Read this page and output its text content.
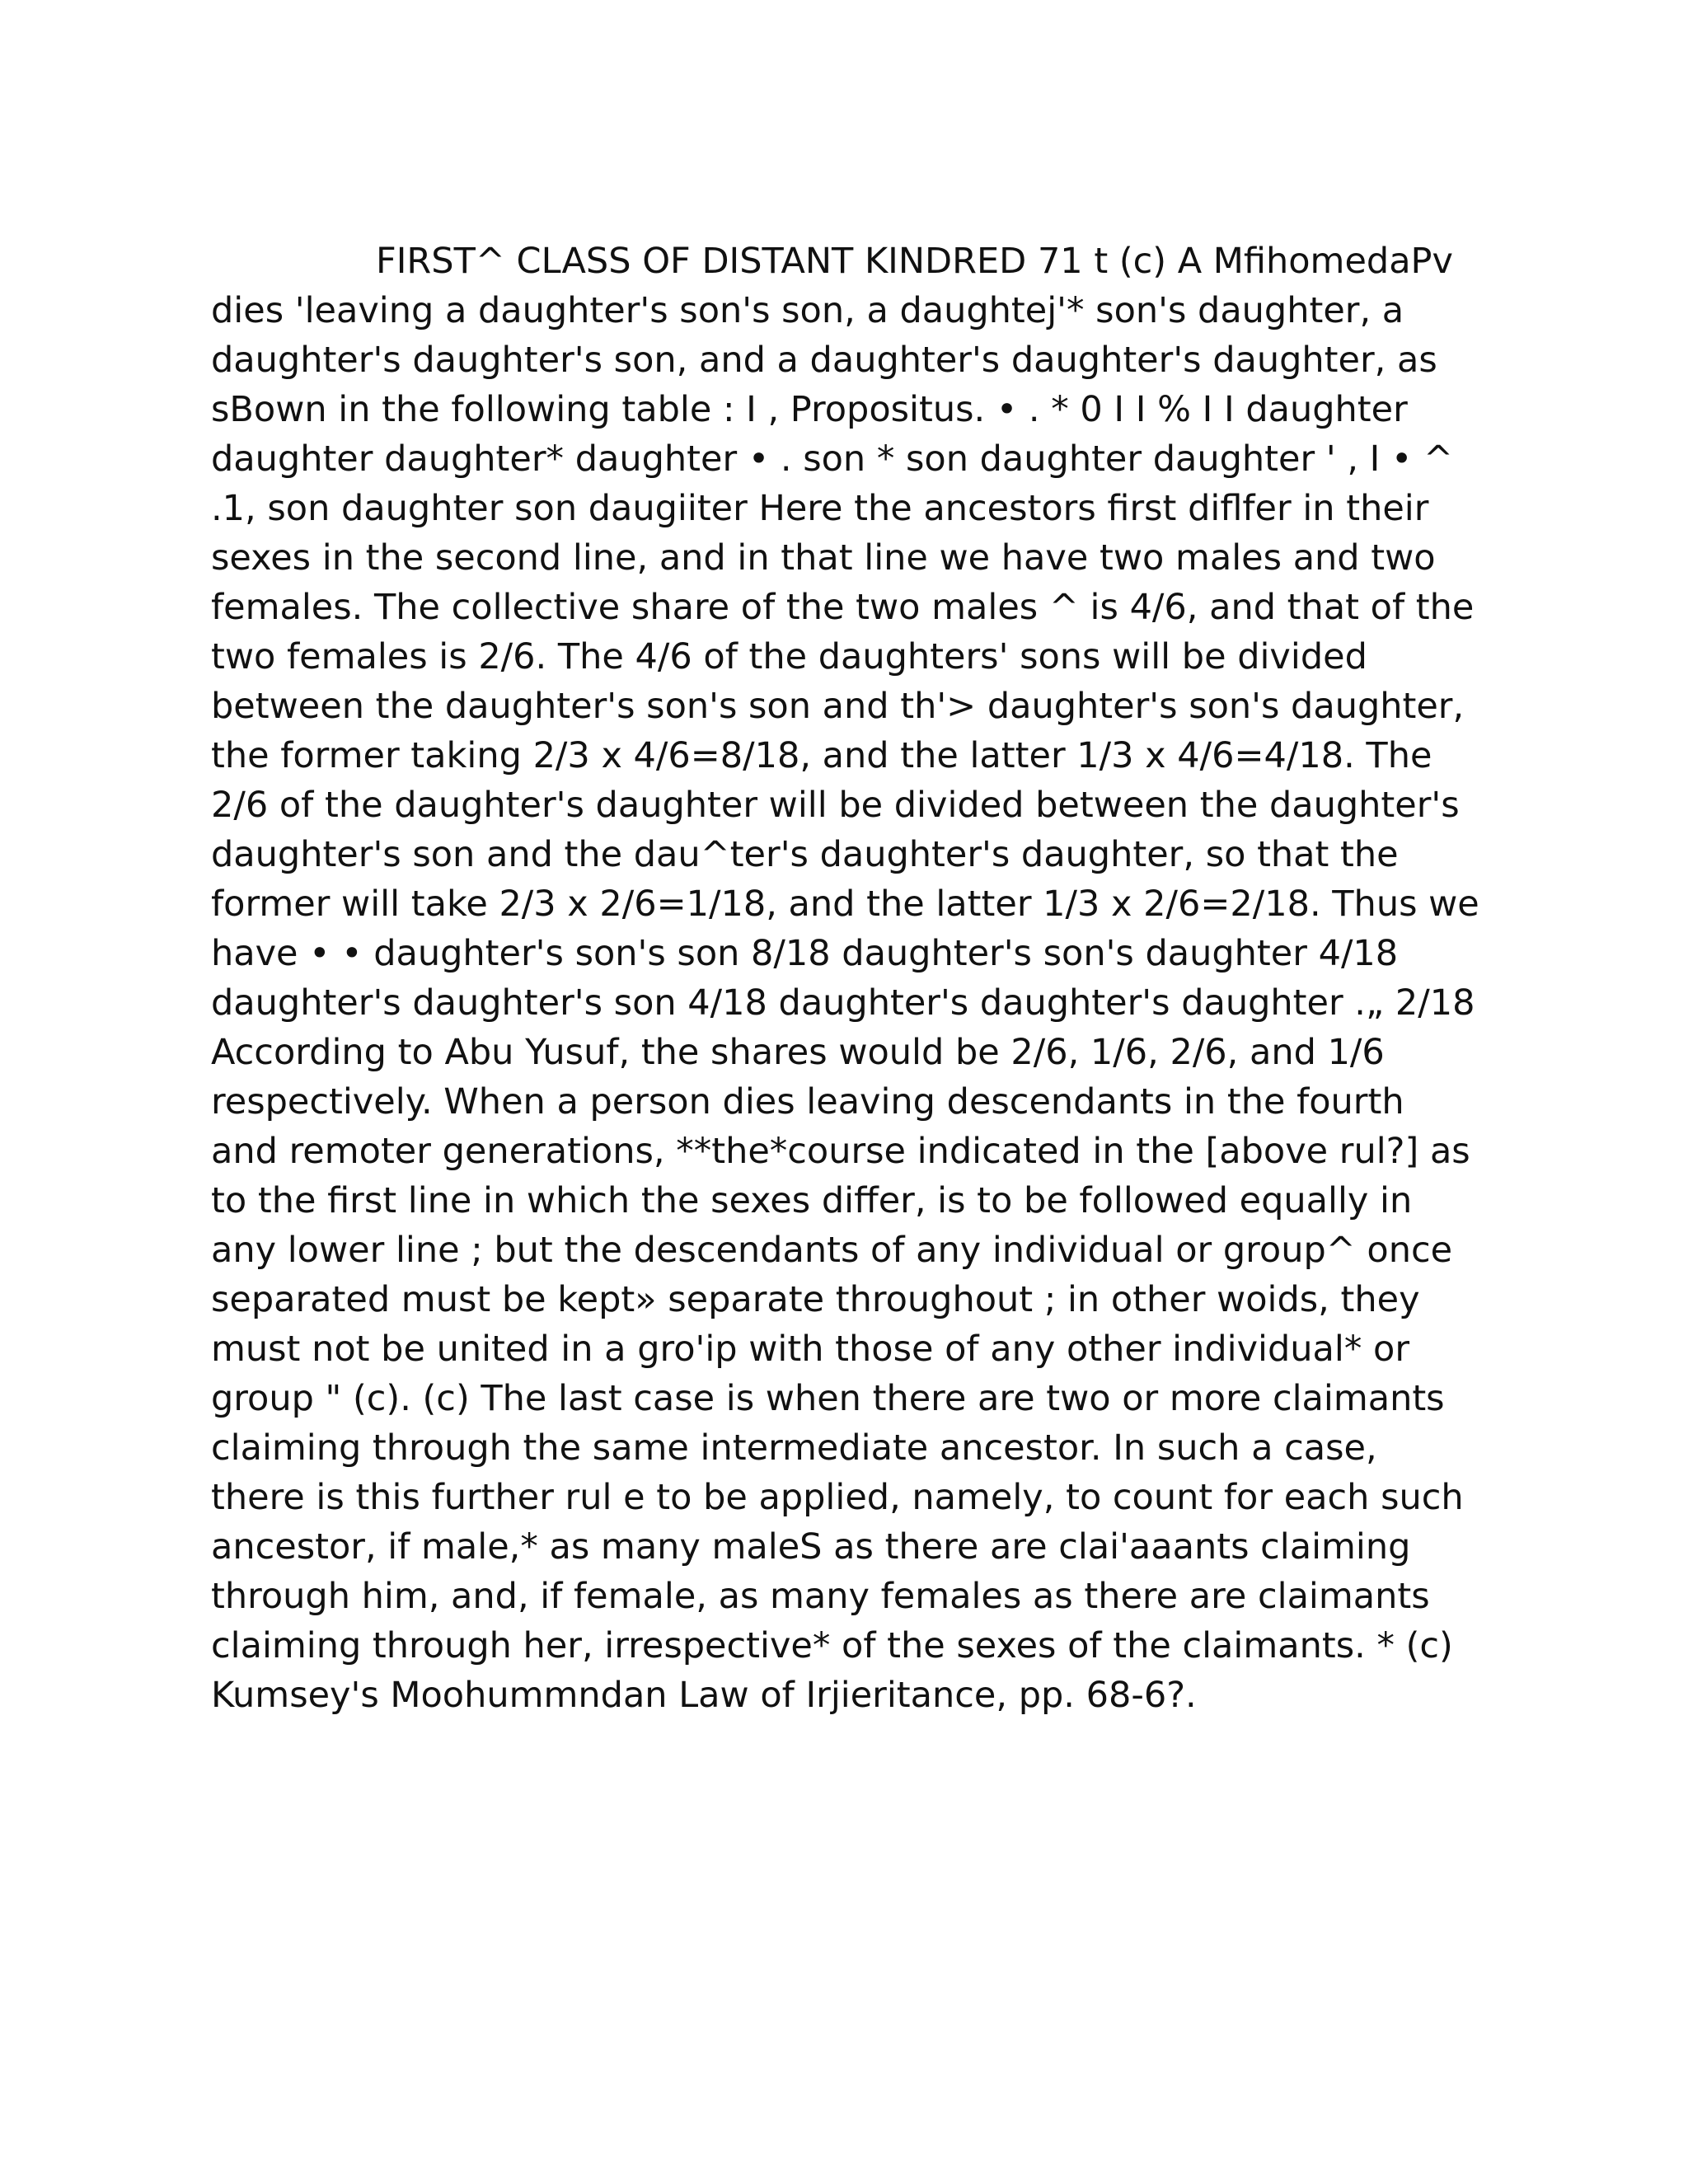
FIRST^ CLASS OF DISTANT KINDRED 71 t (c) A MfihomedaPv dies 'leaving a daughter's son's son, a daughtej'* son's daughter, a daughter's daughter's son, and a daughter's daughter's daughter, as sBown in the following table : I , Propositus. • . * 0 I I % I I daughter daughter daughter* daughter • . son * son daughter daughter ' , I • ^ .1, son daughter son daugiiter Here the ancestors first diflfer in their sexes in the second line, and in that line we have two males and two females. The collective share of the two males ^ is 4/6, and that of the two females is 2/6. The 4/6 of the daughters' sons will be divided between the daughter's son's son and th'> daughter's son's daughter, the former taking 2/3 x 4/6=8/18, and the latter 1/3 x 4/6=4/18. The 2/6 of the daughter's daughter will be divided between the daughter's daughter's son and the dau^ter's daughter's daughter, so that the former will take 2/3 x 2/6=1/18, and the latter 1/3 x 2/6=2/18. Thus we have • • daughter's son's son 8/18 daughter's son's daughter 4/18 daughter's daughter's son 4/18 daughter's daughter's daughter .„ 2/18 According to Abu Yusuf, the shares would be 2/6, 1/6, 2/6, and 1/6 respectively. When a person dies leaving descendants in the fourth and remoter generations, **the*course indicated in the [above rul?] as to the first line in which the sexes differ, is to be followed equally in any lower line ; but the descendants of any individual or group^ once separated must be kept» separate throughout ; in other woids, they must not be united in a gro'ip with those of any other individual* or group " (c). (c) The last case is when there are two or more claimants claiming through the same intermediate ancestor. In such a case, there is this further rul e to be applied, namely, to count for each such ancestor, if male,* as many maleS as there are clai'aaants claiming through him, and, if female, as many females as there are claimants claiming through her, irrespective* of the sexes of the claimants. * (c) Kumsey's Moohummndan Law of Irjieritance, pp. 68-6?.
